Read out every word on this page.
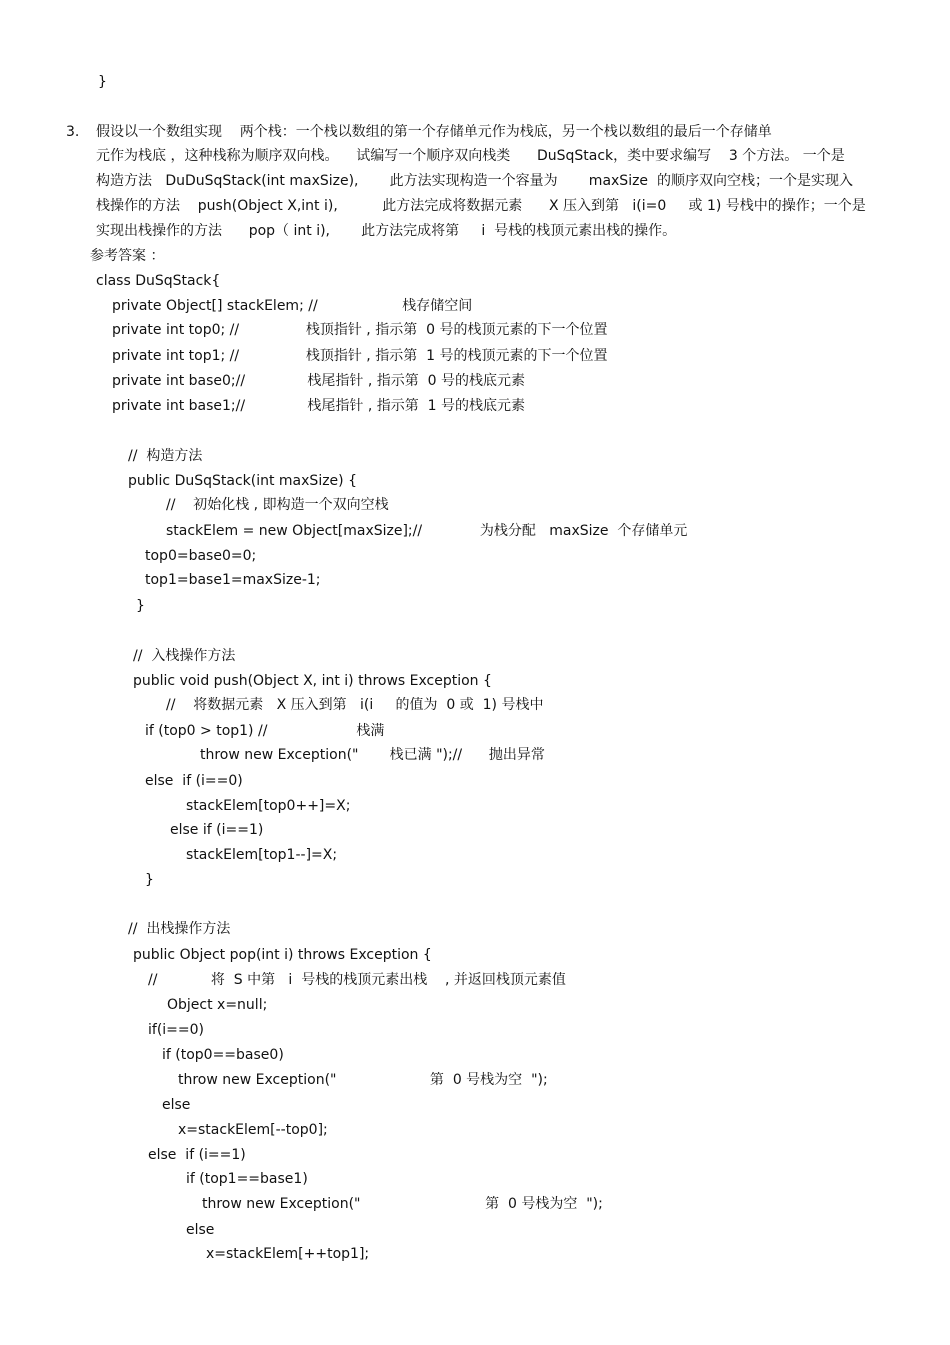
}
3. 假设以一个数组实现    两个栈：一个栈以数组的第一个存储单元作为栈底，另一个栈以数组的最后一个存储单
元作为栈底 ，这种栈称为顺序双向栈。    试编写一个顺序双向栈类      DuSqStack，类中要求编写    3 个方法。 一个是
构造方法   DuDuSqStack(int maxSize),       此方法实现构造一个容量为       maxSize  的顺序双向空栈；一个是实现入
栈操作的方法    push(Object X,int i),          此方法完成将数据元素      X 压入到第   i(i=0     或 1) 号栈中的操作；一个是
实现出栈操作的方法      pop（ int i),       此方法完成将第     i  号栈的栈顶元素出栈的操作。
参考答案 ：
class DuSqStack{
private Object[] stackElem; //                   栈存储空间
private int top0; //               栈顶指针 , 指示第  0 号的栈顶元素的下一个位置
private int top1; //               栈顶指针 , 指示第  1 号的栈顶元素的下一个位置
private int base0;//              栈尾指针 , 指示第  0 号的栈底元素
private int base1;//              栈尾指针 , 指示第  1 号的栈底元素
//  构造方法
public DuSqStack(int maxSize) {
//    初始化栈 , 即构造一个双向空栈
stackElem = new Object[maxSize];//             为栈分配   maxSize  个存储单元
top0=base0=0;
top1=base1=maxSize-1;
}
//  入栈操作方法
public void push(Object X, int i) throws Exception {
//    将数据元素   X 压入到第   i(i     的值为  0 或  1) 号栈中
if (top0 > top1) //                    栈满
throw new Exception("       栈已满 ");//      抛出异常
else  if (i==0)
stackElem[top0++]=X;
else if (i==1)
stackElem[top1--]=X;
}
//  出栈操作方法
public Object pop(int i) throws Exception {
//            将  S 中第   i  号栈的栈顶元素出栈    , 并返回栈顶元素值
Object x=null;
if(i==0)
if (top0==base0)
throw new Exception("                     第  0 号栈为空  ");
else
x=stackElem[--top0];
else  if (i==1)
if (top1==base1)
throw new Exception("                            第  0 号栈为空  ");
else
x=stackElem[++top1];
